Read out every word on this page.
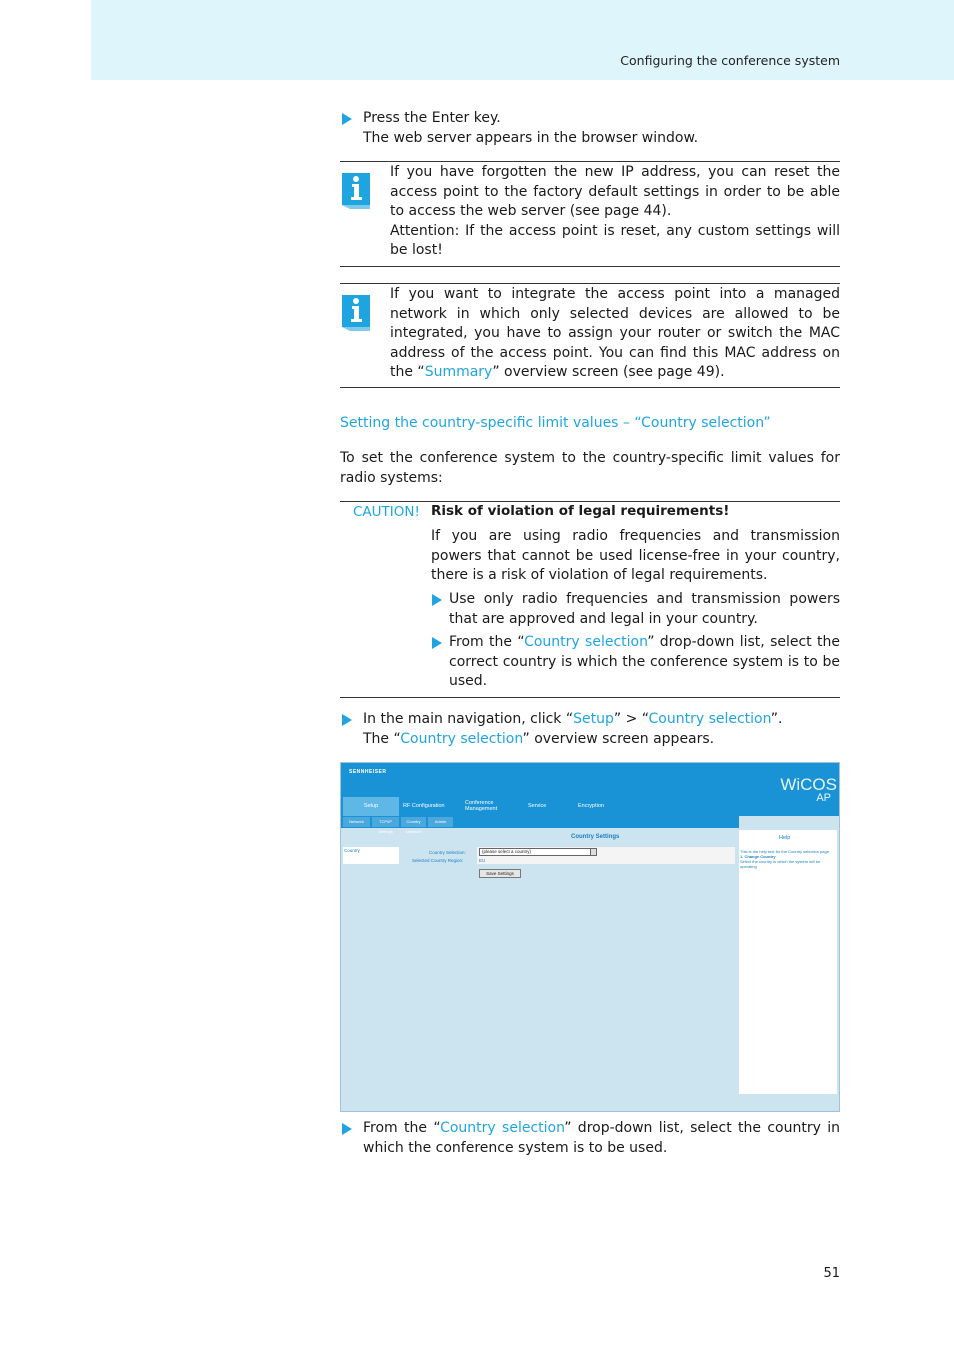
Configuring the conference system
Press the Enter key.
The web server appears in the browser window.
If you have forgotten the new IP address, you can reset the access point to the factory default settings in order to be able to access the web server (see page 44).
Attention: If the access point is reset, any custom settings will be lost!
If you want to integrate the access point into a managed network in which only selected devices are allowed to be integrated, you have to assign your router or switch the MAC address of the access point. You can find this MAC address on the “Summary” overview screen (see page 49).
Setting the country-specific limit values – “Country selection”
To set the conference system to the country-specific limit values for radio systems:
CAUTION! Risk of violation of legal requirements!
If you are using radio frequencies and transmission powers that cannot be used license-free in your country, there is a risk of violation of legal requirements.
Use only radio frequencies and transmission powers that are approved and legal in your country.
From the “Country selection” drop-down list, select the correct country is which the conference system is to be used.
In the main navigation, click “Setup” > “Country selection”.
The “Country selection” overview screen appears.
SENNHEISER
WiCOS
AP
Setup	RF Configuration	Conference Management	Service	Encryption
Network	TCP/IP Settings
Country Selection
Admin
Country Settings
Country	Country Selection:	(please select a country)
Selected Country Region:	EU
Save Settings
Help
This is the help text for the Country selection page
1. Change Country
Select the country in which the system will be operating
From the “Country selection” drop-down list, select the country in which the conference system is to be used.
51
